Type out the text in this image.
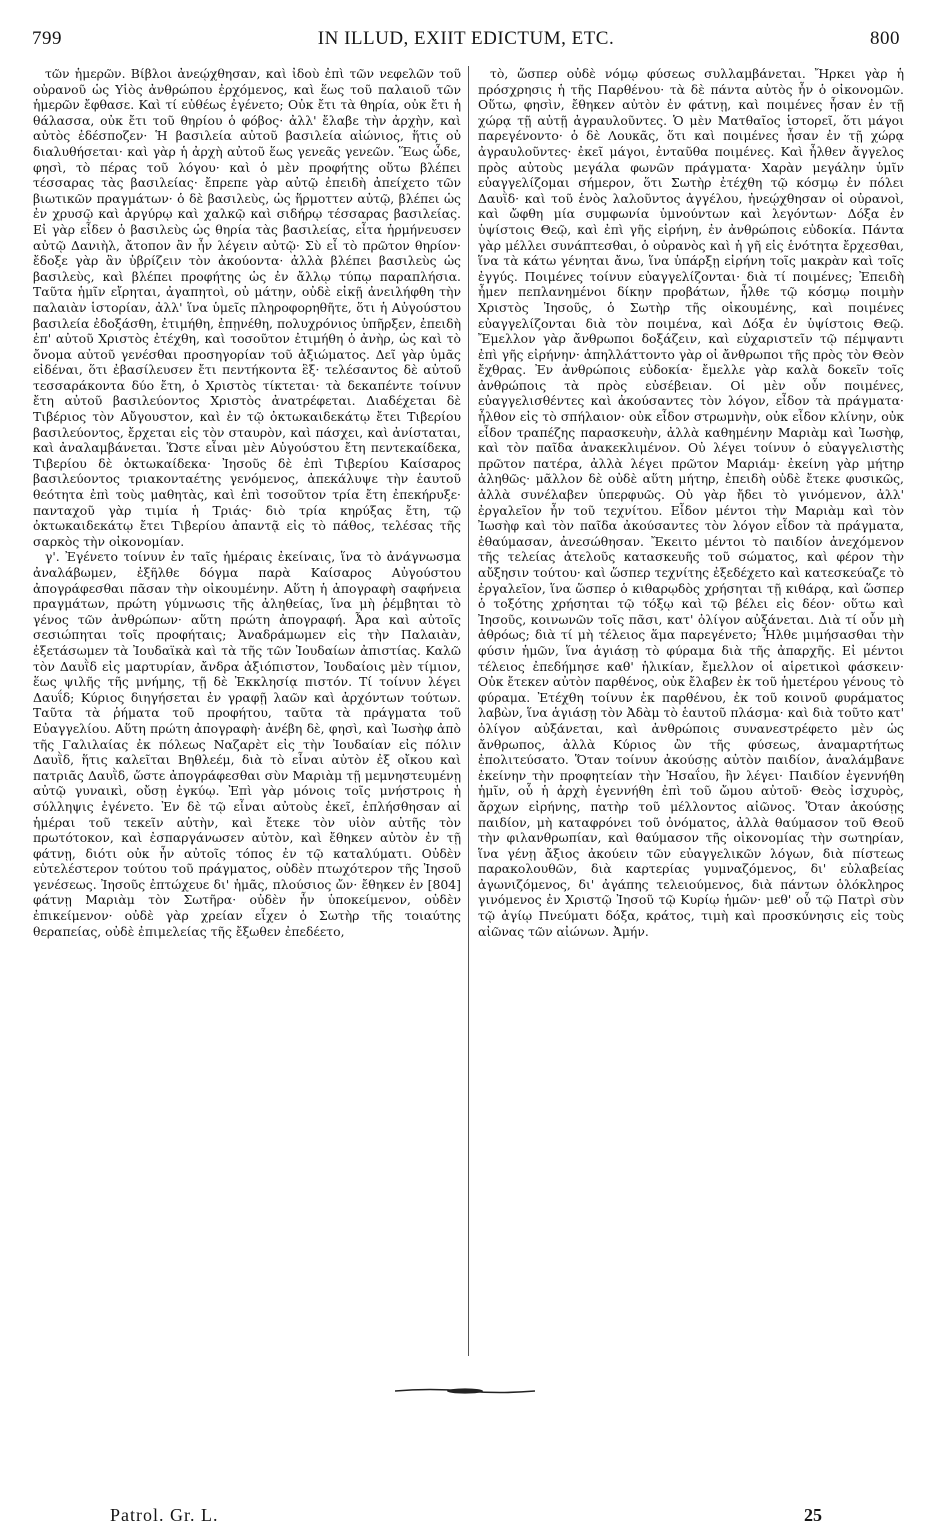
799	IN ILLUD, EXIIT EDICTUM, ETC.	800

τῶν ἡμερῶν. Βίβλοι ἀνεῴχθησαν, καὶ ἰδοὺ ἐπὶ τῶν νεφελῶν τοῦ οὐρανοῦ ὡς Υἱὸς ἀνθρώπου ἐρχόμενος, καὶ ἕως τοῦ παλαιοῦ τῶν ἡμερῶν ἔφθασε. Καὶ τί εὐθέως ἐγένετο; Οὐκ ἔτι τὰ θηρία, οὐκ ἔτι ἡ θάλασσα, οὐκ ἔτι τοῦ θηρίου ὁ φόβος· ἀλλ' ἔλαβε τὴν ἀρχὴν, καὶ αὐτὸς ἐδέσποζεν· Ἡ βασιλεία αὐτοῦ βασιλεία αἰώνιος, ἥτις οὐ διαλυθήσεται· καὶ γὰρ ἡ ἀρχὴ αὐτοῦ ἕως γενεᾶς γενεῶν. Ἕως ὧδε, φησὶ, τὸ πέρας τοῦ λόγου· καὶ ὁ μὲν προφήτης οὕτω βλέπει τέσσαρας τὰς βασιλείας· ἔπρεπε γὰρ αὐτῷ ἐπειδὴ ἀπείχετο τῶν βιωτικῶν πραγμάτων· ὁ δὲ βασιλεὺς, ὡς ἥρμοττεν αὐτῷ, βλέπει ὡς ἐν χρυσῷ καὶ ἀργύρῳ καὶ χαλκῷ καὶ σιδήρῳ τέσσαρας βασιλείας. Εἰ γὰρ εἶδεν ὁ βασιλεὺς ὡς θηρία τὰς βασιλείας, εἶτα ἡρμήνευσεν αὐτῷ Δανιὴλ, ἄτοπον ἂν ἦν λέγειν αὐτῷ· Σὺ εἶ τὸ πρῶτον θηρίον· ἔδοξε γὰρ ἂν ὑβρίζειν τὸν ἀκούοντα· ἀλλὰ βλέπει βασιλεὺς ὡς βασιλεὺς, καὶ βλέπει προφήτης ὡς ἐν ἄλλῳ τύπῳ παραπλήσια. Ταῦτα ἡμῖν εἴρηται, ἀγαπητοὶ, οὐ μάτην, οὐδὲ εἰκῇ ἀνειλήφθη τὴν παλαιὰν ἱστορίαν, ἀλλ' ἵνα ὑμεῖς πληροφορηθῆτε, ὅτι ἡ Αὐγούστου βασιλεία ἐδοξάσθη, ἐτιμήθη, ἐπῃνέθη, πολυχρόνιος ὑπῆρξεν, ἐπειδὴ ἐπ' αὐτοῦ Χριστὸς ἐτέχθη, καὶ τοσοῦτον ἐτιμήθη ὁ ἀνὴρ, ὡς καὶ τὸ ὄνομα αὐτοῦ γενέσθαι προσηγορίαν τοῦ ἀξιώματος. Δεῖ γὰρ ὑμᾶς εἰδέναι, ὅτι ἐβασίλευσεν ἔτι πεντήκοντα ἓξ· τελέσαντος δὲ αὐτοῦ τεσσαράκοντα δύο ἔτη, ὁ Χριστὸς τίκτεται· τὰ δεκαπέντε τοίνυν ἔτη αὐτοῦ βασιλεύοντος Χριστὸς ἀνατρέφεται. Διαδέχεται δὲ Τιβέριος τὸν Αὔγουστον, καὶ ἐν τῷ ὀκτωκαιδεκάτῳ ἔτει Τιβερίου βασιλεύοντος, ἔρχεται εἰς τὸν σταυρὸν, καὶ πάσχει, καὶ ἀνίσταται, καὶ ἀναλαμβάνεται. Ὥστε εἶναι μὲν Αὐγούστου ἔτη πεντεκαίδεκα, Τιβερίου δὲ ὀκτωκαίδεκα· Ἰησοῦς δὲ ἐπὶ Τιβερίου Καίσαρος βασιλεύοντος τριακονταέτης γενόμενος, ἀπεκάλυψε τὴν ἑαυτοῦ θεότητα ἐπὶ τοὺς μαθητὰς, καὶ ἐπὶ τοσοῦτον τρία ἔτη ἐπεκήρυξε· πανταχοῦ γὰρ τιμία ἡ Τριάς· διὸ τρία κηρύξας ἔτη, τῷ ὀκτωκαιδεκάτῳ ἔτει Τιβερίου ἀπαντᾷ εἰς τὸ πάθος, τελέσας τῆς σαρκὸς τὴν οἰκονομίαν.

γ'. Ἐγένετο τοίνυν ἐν ταῖς ἡμέραις ἐκείναις, ἵνα τὸ ἀνάγνωσμα ἀναλάβωμεν, ἐξῆλθε δόγμα παρὰ Καίσαρος Αὐγούστου ἀπογράφεσθαι πᾶσαν τὴν οἰκουμένην. Αὕτη ἡ ἀπογραφὴ σαφήνεια πραγμάτων, πρώτη γύμνωσις τῆς ἀληθείας, ἵνα μὴ ῥέμβηται τὸ γένος τῶν ἀνθρώπων· αὕτη πρώτη ἀπογραφή. Ἆρα καὶ αὐτοῖς σεσιώπηται τοῖς προφήταις; Ἀναδράμωμεν εἰς τὴν Παλαιὰν, ἐξετάσωμεν τὰ Ἰουδαϊκὰ καὶ τὰ τῆς τῶν Ἰουδαίων ἀπιστίας. Καλῶ τὸν Δαυῒδ εἰς μαρτυρίαν, ἄνδρα ἀξιόπιστον, Ἰουδαίοις μὲν τίμιον, ἕως ψιλῆς τῆς μνήμης, τῇ δὲ Ἐκκλησίᾳ πιστόν. Τί τοίνυν λέγει Δαυΐδ; Κύριος διηγήσεται ἐν γραφῇ λαῶν καὶ ἀρχόντων τούτων. Ταῦτα τὰ ῥήματα τοῦ προφήτου, ταῦτα τὰ πράγματα τοῦ Εὐαγγελίου. Αὕτη πρώτη ἀπογραφὴ· ἀνέβη δὲ, φησὶ, καὶ Ἰωσὴφ ἀπὸ τῆς Γαλιλαίας ἐκ πόλεως Ναζαρὲτ εἰς τὴν Ἰουδαίαν εἰς πόλιν Δαυῒδ, ἥτις καλεῖται Βηθλεέμ, διὰ τὸ εἶναι αὐτὸν ἐξ οἴκου καὶ πατριᾶς Δαυῒδ, ὥστε ἀπογράφεσθαι σὺν Μαριὰμ τῇ μεμνηστευμένῃ αὐτῷ γυναικὶ, οὔσῃ ἐγκύῳ. Ἐπὶ γὰρ μόνοις τοῖς μνήστροις ἡ σύλληψις ἐγένετο. Ἐν δὲ τῷ εἶναι αὐτοὺς ἐκεῖ, ἐπλήσθησαν αἱ ἡμέραι τοῦ τεκεῖν αὐτὴν, καὶ ἔτεκε τὸν υἱὸν αὐτῆς τὸν πρωτότοκον, καὶ ἐσπαργάνωσεν αὐτὸν, καὶ ἔθηκεν αὐτὸν ἐν τῇ φάτνῃ, διότι οὐκ ἦν αὐτοῖς τόπος ἐν τῷ καταλύματι. Οὐδὲν εὐτελέστερον τούτου τοῦ πράγματος, οὐδὲν πτωχότερον τῆς Ἰησοῦ γενέσεως. Ἰησοῦς ἐπτώχευε δι' ἡμᾶς, πλούσιος ὤν· ἔθηκεν ἐν [804] φάτνῃ Μαριὰμ τὸν Σωτῆρα· οὐδὲν ἦν ὑποκείμενον, οὐδὲν ἐπικείμενον· οὐδὲ γὰρ χρείαν εἶχεν ὁ Σωτὴρ τῆς τοιαύτης θεραπείας, οὐδὲ ἐπιμελείας τῆς ἔξωθεν ἐπεδέετο,

τὸ, ὥσπερ οὐδὲ νόμῳ φύσεως συλλαμβάνεται. Ἤρκει γὰρ ἡ πρόσχρησις ἡ τῆς Παρθένου· τὰ δὲ πάντα αὐτὸς ἦν ὁ οἰκονομῶν. Οὕτω, φησὶν, ἔθηκεν αὐτὸν ἐν φάτνῃ, καὶ ποιμένες ἦσαν ἐν τῇ χώρᾳ τῇ αὐτῇ ἀγραυλοῦντες. Ὁ μὲν Ματθαῖος ἱστορεῖ, ὅτι μάγοι παρεγένοντο· ὁ δὲ Λουκᾶς, ὅτι καὶ ποιμένες ἦσαν ἐν τῇ χώρᾳ ἀγραυλοῦντες· ἐκεῖ μάγοι, ἐνταῦθα ποιμένες. Καὶ ἦλθεν ἄγγελος πρὸς αὐτοὺς μεγάλα φωνῶν πράγματα· Χαρὰν μεγάλην ὑμῖν εὐαγγελίζομαι σήμερον, ὅτι Σωτὴρ ἐτέχθη τῷ κόσμῳ ἐν πόλει Δαυῒδ· καὶ τοῦ ἑνὸς λαλοῦντος ἀγγέλου, ἠνεῴχθησαν οἱ οὐρανοὶ, καὶ ὤφθη μία συμφωνία ὑμνούντων καὶ λεγόντων· Δόξα ἐν ὑψίστοις Θεῷ, καὶ ἐπὶ γῆς εἰρήνη, ἐν ἀνθρώποις εὐδοκία. Πάντα γὰρ μέλλει συνάπτεσθαι, ὁ οὐρανὸς καὶ ἡ γῆ εἰς ἑνότητα ἔρχεσθαι, ἵνα τὰ κάτω γένηται ἄνω, ἵνα ὑπάρξῃ εἰρήνη τοῖς μακρὰν καὶ τοῖς ἐγγύς. Ποιμένες τοίνυν εὐαγγελίζονται· διὰ τί ποιμένες; Ἐπειδὴ ἦμεν πεπλανημένοι δίκην προβάτων, ἦλθε τῷ κόσμῳ ποιμὴν Χριστὸς Ἰησοῦς, ὁ Σωτὴρ τῆς οἰκουμένης, καὶ ποιμένες εὐαγγελίζονται διὰ τὸν ποιμένα, καὶ Δόξα ἐν ὑψίστοις Θεῷ. Ἔμελλον γὰρ ἄνθρωποι δοξάζειν, καὶ εὐχαριστεῖν τῷ πέμψαντι ἐπὶ γῆς εἰρήνην· ἀπηλλάττοντο γὰρ οἱ ἄνθρωποι τῆς πρὸς τὸν Θεὸν ἔχθρας. Ἐν ἀνθρώποις εὐδοκία· ἔμελλε γὰρ καλὰ δοκεῖν τοῖς ἀνθρώποις τὰ πρὸς εὐσέβειαν. Οἱ μὲν οὖν ποιμένες, εὐαγγελισθέντες καὶ ἀκούσαντες τὸν λόγον, εἶδον τὰ πράγματα· ἦλθον εἰς τὸ σπήλαιον· οὐκ εἶδον στρωμνὴν, οὐκ εἶδον κλίνην, οὐκ εἶδον τραπέζης παρασκευὴν, ἀλλὰ καθημένην Μαριὰμ καὶ Ἰωσὴφ, καὶ τὸν παῖδα ἀνακεκλιμένον. Οὐ λέγει τοίνυν ὁ εὐαγγελιστὴς πρῶτον πατέρα, ἀλλὰ λέγει πρῶτον Μαριάμ· ἐκείνη γὰρ μήτηρ ἀληθῶς· μᾶλλον δὲ οὐδὲ αὕτη μήτηρ, ἐπειδὴ οὐδὲ ἔτεκε φυσικῶς, ἀλλὰ συνέλαβεν ὑπερφυῶς. Οὐ γὰρ ἤδει τὸ γινόμενον, ἀλλ' ἐργαλεῖον ἦν τοῦ τεχνίτου. Εἶδον μέντοι τὴν Μαριὰμ καὶ τὸν Ἰωσὴφ καὶ τὸν παῖδα ἀκούσαντες τὸν λόγον εἶδον τὰ πράγματα, ἐθαύμασαν, ἀνεσώθησαν. Ἔκειτο μέντοι τὸ παιδίον ἀνεχόμενον τῆς τελείας ἀτελοῦς κατασκευῆς τοῦ σώματος, καὶ φέρον τὴν αὔξησιν τούτου· καὶ ὥσπερ τεχνίτης ἐξεδέχετο καὶ κατεσκεύαζε τὸ ἐργαλεῖον, ἵνα ὥσπερ ὁ κιθαρῳδὸς χρήσηται τῇ κιθάρᾳ, καὶ ὥσπερ ὁ τοξότης χρήσηται τῷ τόξῳ καὶ τῷ βέλει εἰς δέον· οὕτω καὶ Ἰησοῦς, κοινωνῶν τοῖς πᾶσι, κατ' ὀλίγον αὐξάνεται. Διὰ τί οὖν μὴ ἀθρόως; διὰ τί μὴ τέλειος ἅμα παρεγένετο; Ἦλθε μιμήσασθαι τὴν φύσιν ἡμῶν, ἵνα ἁγιάσῃ τὸ φύραμα διὰ τῆς ἀπαρχῆς. Εἰ μέντοι τέλειος ἐπεδήμησε καθ' ἡλικίαν, ἔμελλον οἱ αἱρετικοὶ φάσκειν· Οὐκ ἔτεκεν αὐτὸν παρθένος, οὐκ ἔλαβεν ἐκ τοῦ ἡμετέρου γένους τὸ φύραμα. Ἐτέχθη τοίνυν ἐκ παρθένου, ἐκ τοῦ κοινοῦ φυράματος λαβὼν, ἵνα ἁγιάσῃ τὸν Ἀδὰμ τὸ ἑαυτοῦ πλάσμα· καὶ διὰ τοῦτο κατ' ὀλίγον αὐξάνεται, καὶ ἀνθρώποις συνανεστρέφετο μὲν ὡς ἄνθρωπος, ἀλλὰ Κύριος ὢν τῆς φύσεως, ἀναμαρτήτως ἐπολιτεύσατο. Ὅταν τοίνυν ἀκούσῃς αὐτὸν παιδίον, ἀναλάμβανε ἐκείνην τὴν προφητείαν τὴν Ἡσαΐου, ἣν λέγει· Παιδίον ἐγεννήθη ἡμῖν, οὗ ἡ ἀρχὴ ἐγεννήθη ἐπὶ τοῦ ὤμου αὐτοῦ· Θεὸς ἰσχυρὸς, ἄρχων εἰρήνης, πατὴρ τοῦ μέλλοντος αἰῶνος. Ὅταν ἀκούσῃς παιδίον, μὴ καταφρόνει τοῦ ὀνόματος, ἀλλὰ θαύμασον τοῦ Θεοῦ τὴν φιλανθρωπίαν, καὶ θαύμασον τῆς οἰκονομίας τὴν σωτηρίαν, ἵνα γένῃ ἄξιος ἀκούειν τῶν εὐαγγελικῶν λόγων, διὰ πίστεως παρακολουθῶν, διὰ καρτερίας γυμναζόμενος, δι' εὐλαβείας ἀγωνιζόμενος, δι' ἀγάπης τελειούμενος, διὰ πάντων ὁλόκληρος γινόμενος ἐν Χριστῷ Ἰησοῦ τῷ Κυρίῳ ἡμῶν· μεθ' οὗ τῷ Πατρὶ σὺν τῷ ἁγίῳ Πνεύματι δόξα, κράτος, τιμὴ καὶ προσκύνησις εἰς τοὺς αἰῶνας τῶν αἰώνων. Ἀμήν.

Patrol. Gr. L.	25
